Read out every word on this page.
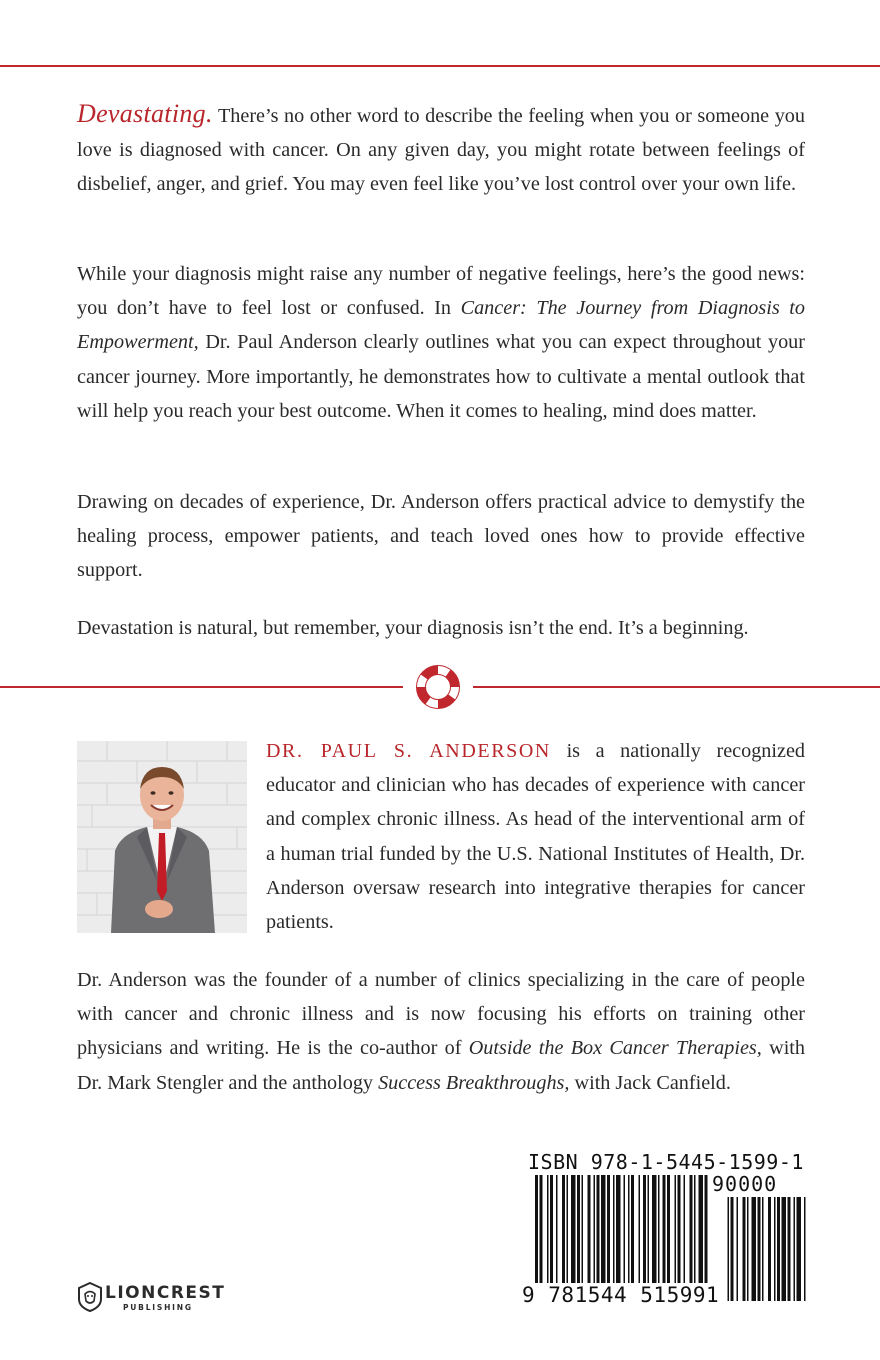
Devastating. There’s no other word to describe the feeling when you or someone you love is diagnosed with cancer. On any given day, you might rotate between feelings of disbelief, anger, and grief. You may even feel like you’ve lost control over your own life.

While your diagnosis might raise any number of negative feelings, here’s the good news: you don’t have to feel lost or confused. In Cancer: The Journey from Diagnosis to Empowerment, Dr. Paul Anderson clearly outlines what you can expect throughout your cancer journey. More importantly, he demonstrates how to cultivate a mental outlook that will help you reach your best outcome. When it comes to healing, mind does matter.

Drawing on decades of experience, Dr. Anderson offers practical advice to demystify the healing process, empower patients, and teach loved ones how to provide effective support.

Devastation is natural, but remember, your diagnosis isn’t the end. It’s a beginning.

DR. PAUL S. ANDERSON is a nationally recognized educator and clinician who has decades of experience with cancer and complex chronic illness. As head of the interventional arm of a human trial funded by the U.S. National Institutes of Health, Dr. Anderson oversaw research into integrative therapies for cancer patients.

Dr. Anderson was the founder of a number of clinics specializing in the care of people with cancer and chronic illness and is now focusing his efforts on training other physicians and writing. He is the co-author of Outside the Box Cancer Therapies, with Dr. Mark Stengler and the anthology Success Breakthroughs, with Jack Canfield.

LIONCREST
PUBLISHING
ISBN 978-1-5445-1599-1
90000
9 781544 515991
